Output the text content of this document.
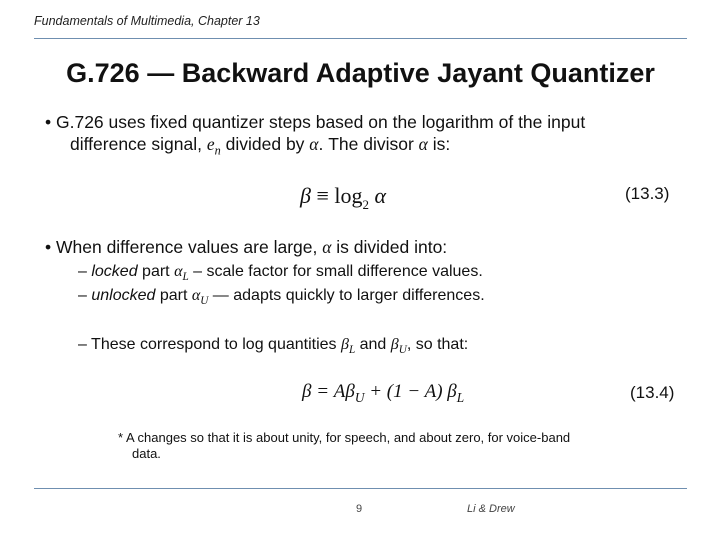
Fundamentals of Multimedia, Chapter 13
G.726 — Backward Adaptive Jayant Quantizer
• G.726 uses fixed quantizer steps based on the logarithm of the input
difference signal, $e_n$ divided by α. The divisor α is:
$\beta \equiv \log_2 \alpha$	(13.3)
• When difference values are large, α is divided into:
– locked part $\alpha_L$ – scale factor for small difference values.
– unlocked part $\alpha_U$ — adapts quickly to larger differences.
– These correspond to log quantities $\beta_L$ and $\beta_U$, so that:
$\beta = A\beta_U + (1 - A)$ $\beta_L$	(13.4)
* A changes so that it is about unity, for speech, and about zero, for voice-band
data.
9	Li & Drew
